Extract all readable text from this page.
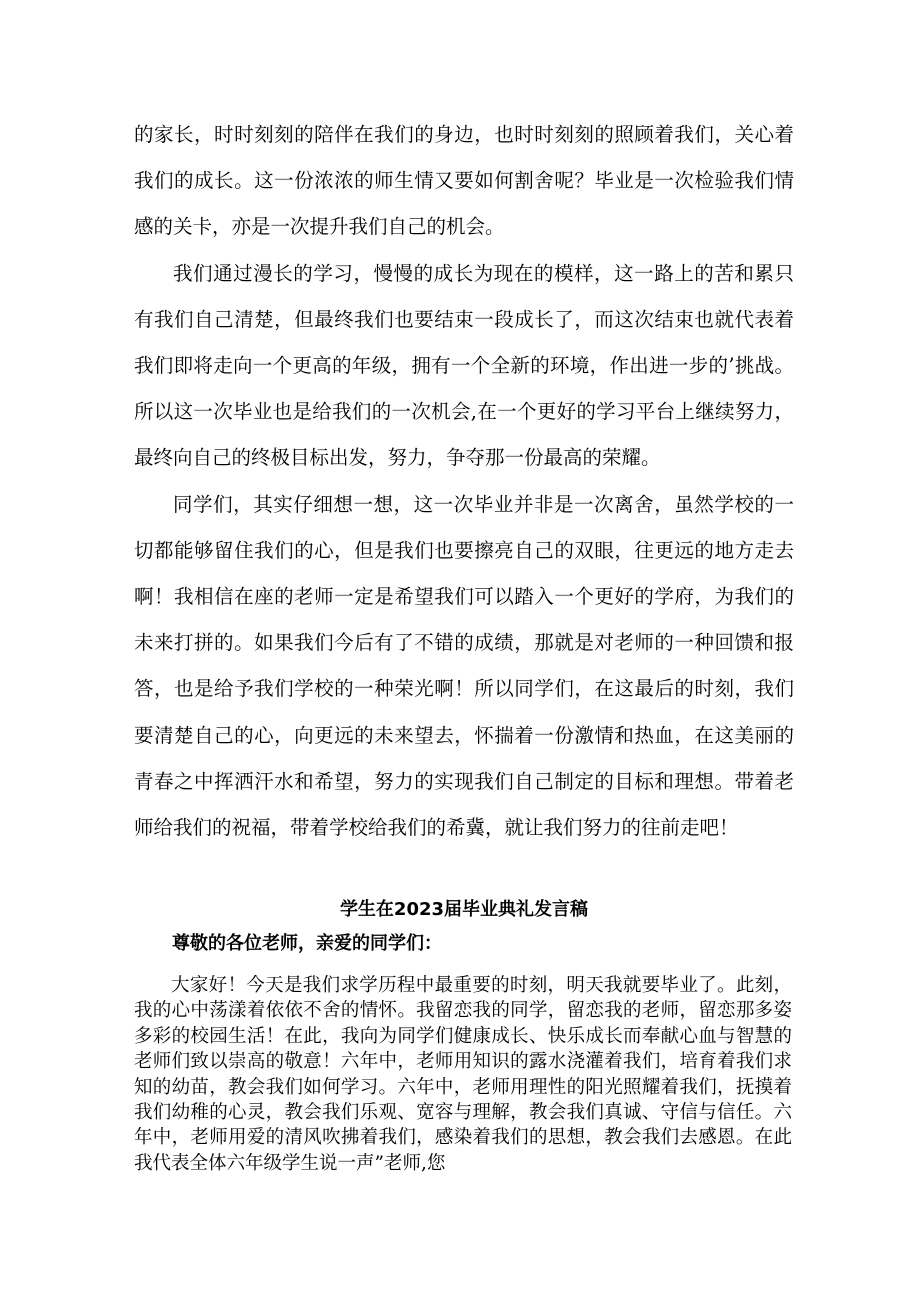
的家长，时时刻刻的陪伴在我们的身边，也时时刻刻的照顾着我们，关心着我们的成长。这一份浓浓的师生情又要如何割舍呢？毕业是一次检验我们情感的关卡，亦是一次提升我们自己的机会。

我们通过漫长的学习，慢慢的成长为现在的模样，这一路上的苦和累只有我们自己清楚，但最终我们也要结束一段成长了，而这次结束也就代表着我们即将走向一个更高的年级，拥有一个全新的环境，作出进一步的’挑战。所以这一次毕业也是给我们的一次机会,在一个更好的学习平台上继续努力，最终向自己的终极目标出发，努力，争夺那一份最高的荣耀。

同学们，其实仔细想一想，这一次毕业并非是一次离舍，虽然学校的一切都能够留住我们的心，但是我们也要擦亮自己的双眼，往更远的地方走去啊！我相信在座的老师一定是希望我们可以踏入一个更好的学府，为我们的未来打拼的。如果我们今后有了不错的成绩，那就是对老师的一种回馈和报答，也是给予我们学校的一种荣光啊！所以同学们，在这最后的时刻，我们要清楚自己的心，向更远的未来望去，怀揣着一份激情和热血，在这美丽的青春之中挥洒汗水和希望，努力的实现我们自己制定的目标和理想。带着老师给我们的祝福，带着学校给我们的希冀，就让我们努力的往前走吧！

学生在2023届毕业典礼发言稿
尊敬的各位老师，亲爱的同学们：

大家好！今天是我们求学历程中最重要的时刻，明天我就要毕业了。此刻，我的心中荡漾着依依不舍的情怀。我留恋我的同学，留恋我的老师，留恋那多姿多彩的校园生活！在此，我向为同学们健康成长、快乐成长而奉献心血与智慧的老师们致以崇高的敬意！六年中，老师用知识的露水浇灌着我们，培育着我们求知的幼苗，教会我们如何学习。六年中，老师用理性的阳光照耀着我们，抚摸着我们幼稚的心灵，教会我们乐观、宽容与理解，教会我们真诚、守信与信任。六年中，老师用爱的清风吹拂着我们，感染着我们的思想，教会我们去感恩。在此我代表全体六年级学生说一声”老师,您
